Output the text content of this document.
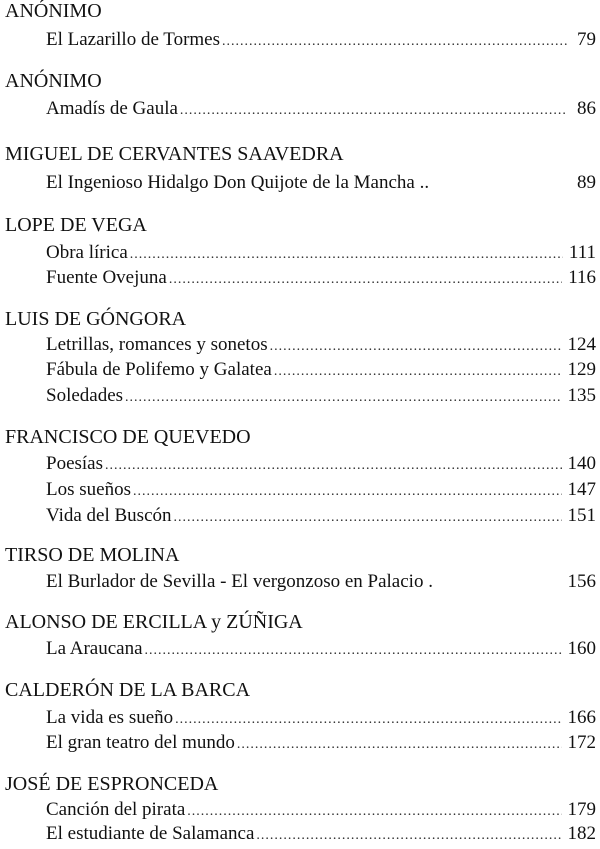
ANÓNIMO
El Lazarillo de Tormes .....	79
ANÓNIMO
Amadís de Gaula .....	86
MIGUEL DE CERVANTES SAAVEDRA
El Ingenioso Hidalgo Don Quijote de la Mancha ..	89
LOPE DE VEGA
Obra lírica .....	111
Fuente Ovejuna .....	116
LUIS DE GÓNGORA
Letrillas, romances y sonetos .....	124
Fábula de Polifemo y Galatea .....	129
Soledades .....	135
FRANCISCO DE QUEVEDO
Poesías .....	140
Los sueños .....	147
Vida del Buscón .....	151
TIRSO DE MOLINA
El Burlador de Sevilla - El vergonzoso en Palacio .	156
ALONSO DE ERCILLA y ZÚÑIGA
La Araucana .....	160
CALDERÓN DE LA BARCA
La vida es sueño .....	166
El gran teatro del mundo .....	172
JOSÉ DE ESPRONCEDA
Canción del pirata .....	179
El estudiante de Salamanca .....	182
